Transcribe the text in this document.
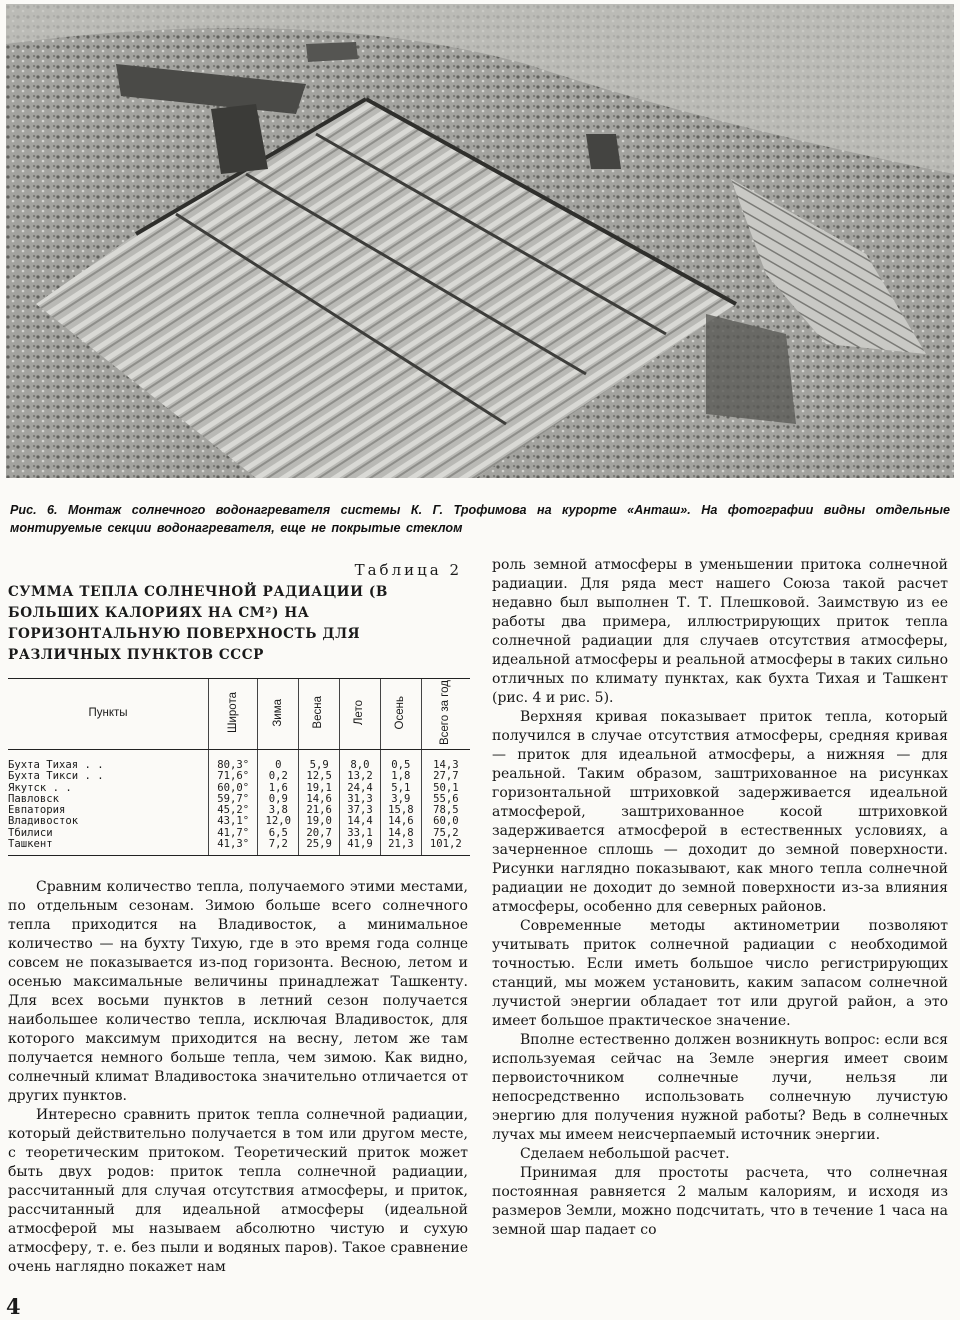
Рис. 6. Монтаж солнечного водонагревателя системы К. Г. Трофимова на курорте «Анташ». На фотографии видны отдельные монтируемые секции водонагревателя, еще не покрытые стеклом
Таблица 2
СУММА ТЕПЛА СОЛНЕЧНОЙ РАДИАЦИИ (В БОЛЬШИХ КАЛОРИЯХ НА СМ²) НА ГОРИЗОНТАЛЬНУЮ ПОВЕРХНОСТЬ ДЛЯ РАЗЛИЧНЫХ ПУНКТОВ СССР
Пункты	Широта	Зима	Весна	Лето	Осень	Всего за год
Бухта Тихая . .	80,3°	0	5,9	8,0	0,5	14,3
Бухта Тикси . .	71,6°	0,2	12,5	13,2	1,8	27,7
Якутск . .	60,0°	1,6	19,1	24,4	5,1	50,1
Павловск	59,7°	0,9	14,6	31,3	3,9	55,6
Евпатория	45,2°	3,8	21,6	37,3	15,8	78,5
Владивосток	43,1°	12,0	19,0	14,4	14,6	60,0
Тбилиси	41,7°	6,5	20,7	33,1	14,8	75,2
Ташкент	41,3°	7,2	25,9	41,9	21,3	101,2

Сравним количество тепла, получаемого этими местами, по отдельным сезонам. Зимою больше всего солнечного тепла приходится на Владивосток, а минимальное количество — на бухту Тихую, где в это время года солнце совсем не показывается из-под горизонта. Весною, летом и осенью максимальные величины принадлежат Ташкенту. Для всех восьми пунктов в летний сезон получается наибольшее количество тепла, исключая Владивосток, для которого максимум приходится на весну, летом же там получается немного больше тепла, чем зимою. Как видно, солнечный климат Владивостока значительно отличается от других пунктов.

Интересно сравнить приток тепла солнечной радиации, который действительно получается в том или другом месте, с теоретическим притоком. Теоретический приток может быть двух родов: приток тепла солнечной радиации, рассчитанный для случая отсутствия атмосферы, и приток, рассчитанный для идеальной атмосферы (идеальной атмосферой мы называем абсолютно чистую и сухую атмосферу, т. е. без пыли и водяных паров). Такое сравнение очень наглядно покажет нам

роль земной атмосферы в уменьшении притока солнечной радиации. Для ряда мест нашего Союза такой расчет недавно был выполнен Т. Т. Плешковой. Заимствую из ее работы два примера, иллюстрирующих приток тепла солнечной радиации для случаев отсутствия атмосферы, идеальной атмосферы и реальной атмосферы в таких сильно отличных по климату пунктах, как бухта Тихая и Ташкент (рис. 4 и рис. 5).

Верхняя кривая показывает приток тепла, который получился в случае отсутствия атмосферы, средняя кривая — приток для идеальной атмосферы, а нижняя — для реальной. Таким образом, заштрихованное на рисунках горизонтальной штриховкой задерживается идеальной атмосферой, заштрихованное косой штриховкой задерживается атмосферой в естественных условиях, а зачерненное сплошь — доходит до земной поверхности. Рисунки наглядно показывают, как много тепла солнечной радиации не доходит до земной поверхности из-за влияния атмосферы, особенно для северных районов.

Современные методы актинометрии позволяют учитывать приток солнечной радиации с необходимой точностью. Если иметь большое число регистрирующих станций, мы можем установить, каким запасом солнечной лучистой энергии обладает тот или другой район, а это имеет большое практическое значение.

Вполне естественно должен возникнуть вопрос: если вся используемая сейчас на Земле энергия имеет своим первоисточником солнечные лучи, нельзя ли непосредственно использовать солнечную лучистую энергию для получения нужной работы? Ведь в солнечных лучах мы имеем неисчерпаемый источник энергии.

Сделаем небольшой расчет.

Принимая для простоты расчета, что солнечная постоянная равняется 2 малым калориям, и исходя из размеров Земли, можно подсчитать, что в течение 1 часа на земной шар падает со

4
